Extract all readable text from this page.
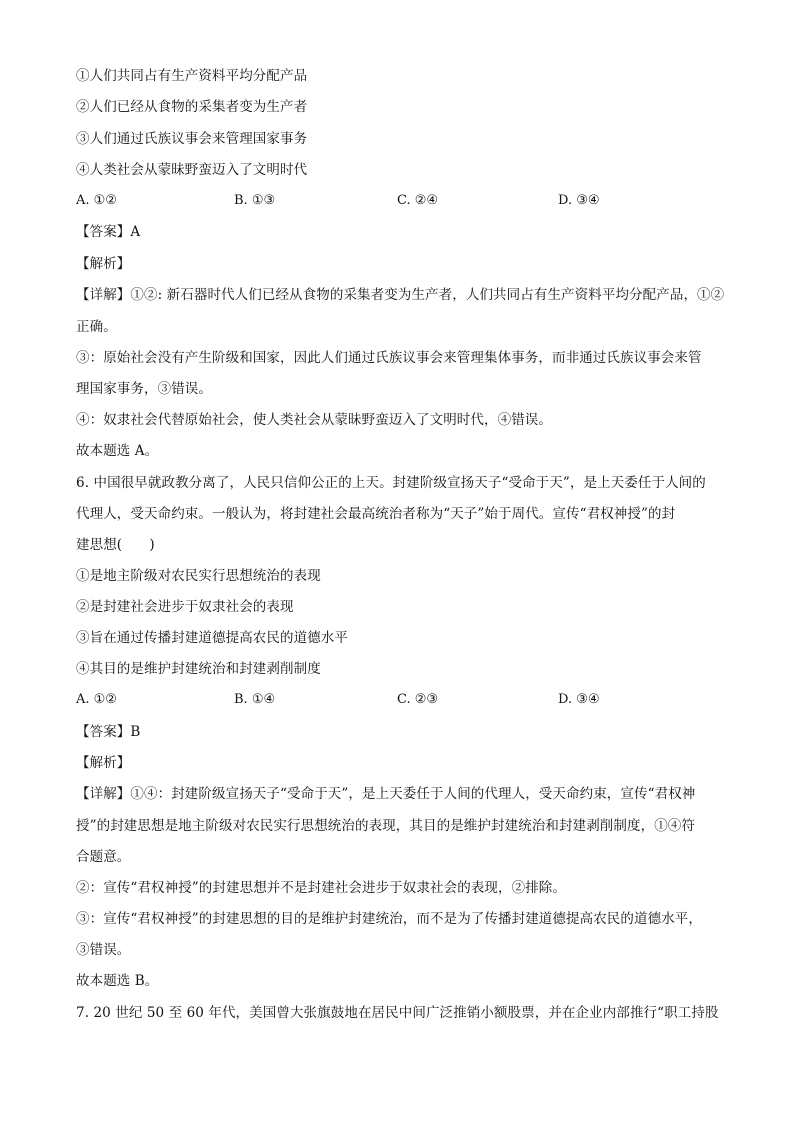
①人们共同占有生产资料平均分配产品
②人们已经从食物的采集者变为生产者
③人们通过氏族议事会来管理国家事务
④人类社会从蒙昧野蛮迈入了文明时代
A. ①②	B. ①③	C. ②④	D. ③④
【答案】A
【解析】
【详解】①②: 新石器时代人们已经从食物的采集者变为生产者，人们共同占有生产资料平均分配产品，①②
正确。
③：原始社会没有产生阶级和国家，因此人们通过氏族议事会来管理集体事务，而非通过氏族议事会来管
理国家事务，③错误。
④：奴隶社会代替原始社会，使人类社会从蒙昧野蛮迈入了文明时代，④错误。
故本题选 A。
6. 中国很早就政教分离了，人民只信仰公正的上天。封建阶级宣扬天子“受命于天”，是上天委任于人间的
代理人，受天命约束。一般认为，将封建社会最高统治者称为“天子”始于周代。宣传“君权神授”的封
建思想(　　)
①是地主阶级对农民实行思想统治的表现
②是封建社会进步于奴隶社会的表现
③旨在通过传播封建道德提高农民的道德水平
④其目的是维护封建统治和封建剥削制度
A. ①②	B. ①④	C. ②③	D. ③④
【答案】B
【解析】
【详解】①④：封建阶级宣扬天子“受命于天”，是上天委任于人间的代理人，受天命约束，宣传“君权神
授”的封建思想是地主阶级对农民实行思想统治的表现，其目的是维护封建统治和封建剥削制度，①④符
合题意。
②：宣传“君权神授”的封建思想并不是封建社会进步于奴隶社会的表现，②排除。
③：宣传“君权神授”的封建思想的目的是维护封建统治，而不是为了传播封建道德提高农民的道德水平，
③错误。
故本题选 B。
7. 20 世纪 50 至 60 年代，美国曾大张旗鼓地在居民中间广泛推销小额股票，并在企业内部推行“职工持股
